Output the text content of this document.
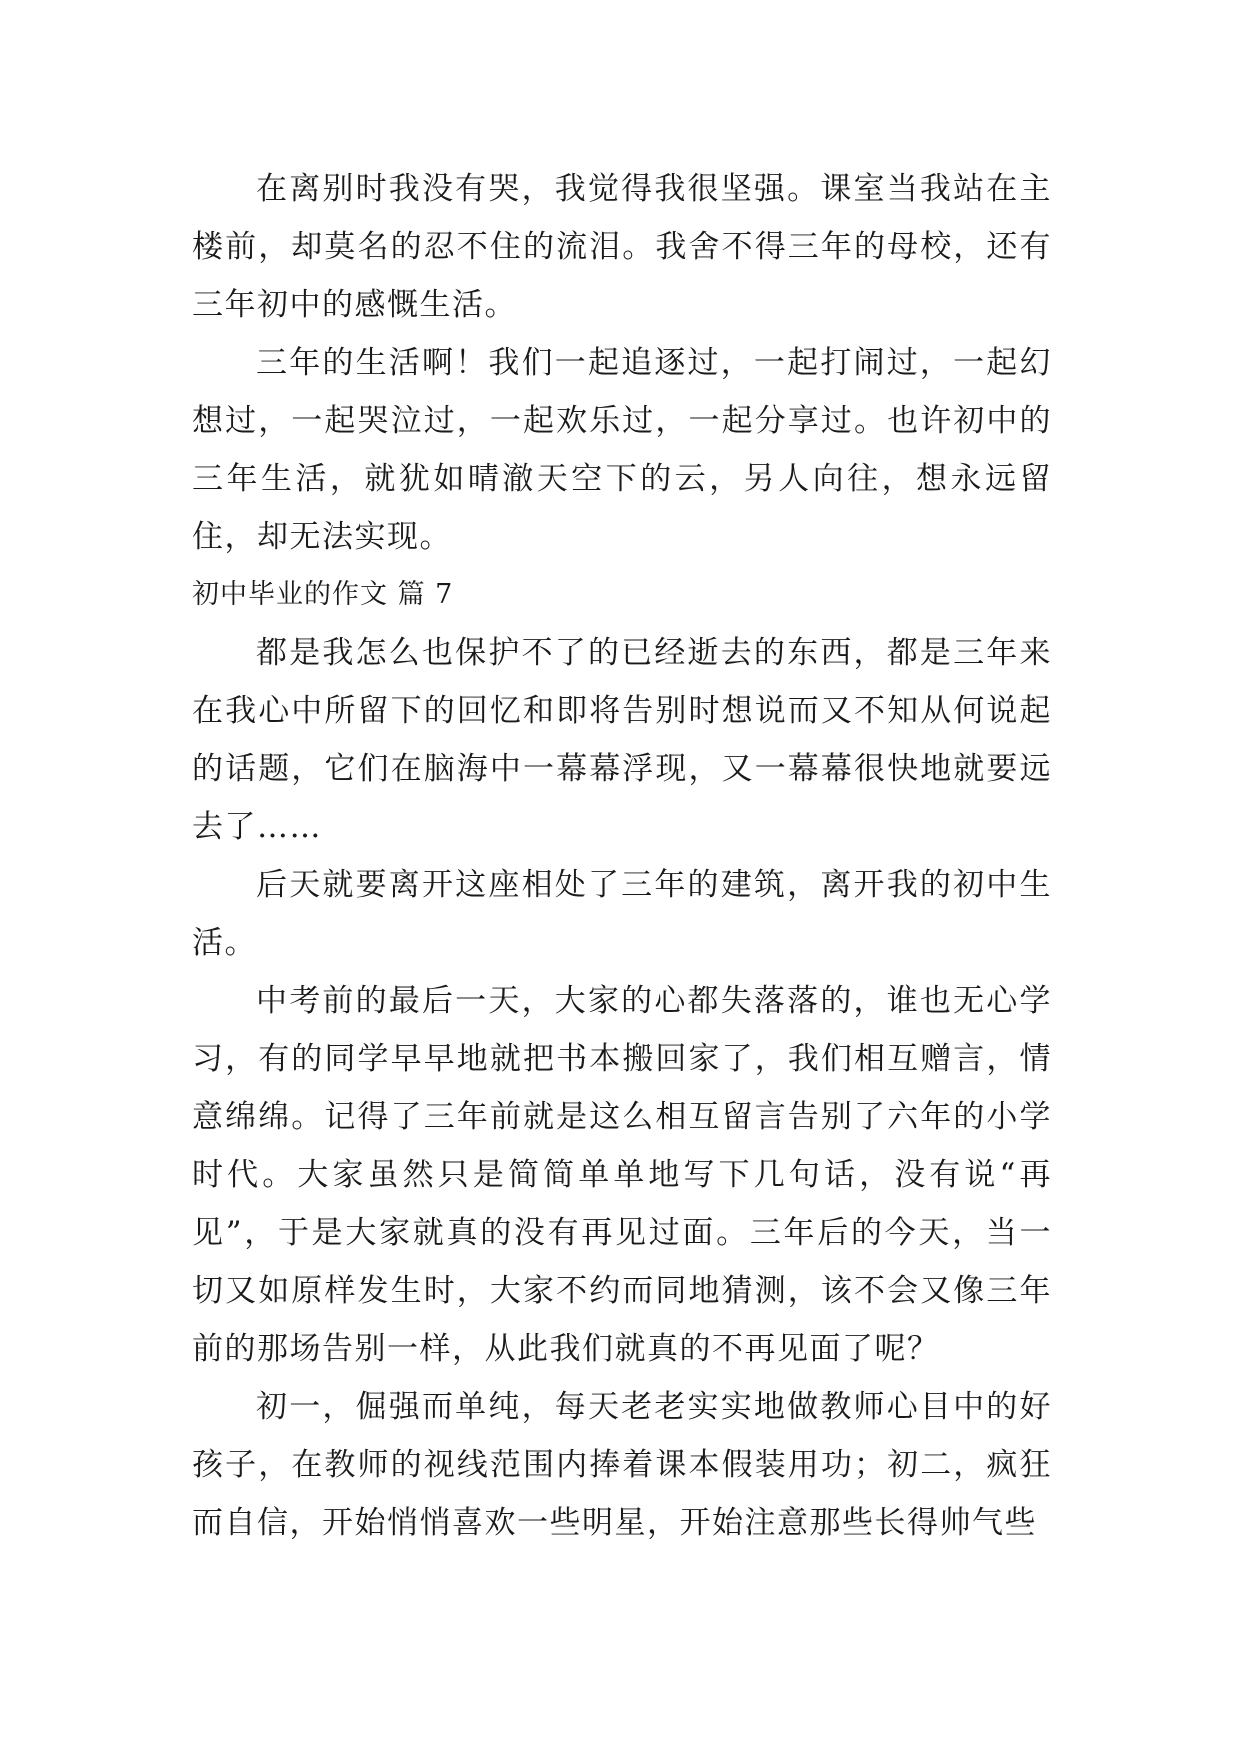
在离别时我没有哭，我觉得我很坚强。课室当我站在主楼前，却莫名的忍不住的流泪。我舍不得三年的母校，还有三年初中的感慨生活。

三年的生活啊！我们一起追逐过，一起打闹过，一起幻想过，一起哭泣过，一起欢乐过，一起分享过。也许初中的三年生活，就犹如晴澈天空下的云，另人向往，想永远留住，却无法实现。

初中毕业的作文 篇 7

都是我怎么也保护不了的已经逝去的东西，都是三年来在我心中所留下的回忆和即将告别时想说而又不知从何说起的话题，它们在脑海中一幕幕浮现，又一幕幕很快地就要远去了……

后天就要离开这座相处了三年的建筑，离开我的初中生活。

中考前的最后一天，大家的心都失落落的，谁也无心学习，有的同学早早地就把书本搬回家了，我们相互赠言，情意绵绵。记得了三年前就是这么相互留言告别了六年的小学时代。大家虽然只是简简单单地写下几句话，没有说“再见”，于是大家就真的没有再见过面。三年后的今天，当一切又如原样发生时，大家不约而同地猜测，该不会又像三年前的那场告别一样，从此我们就真的不再见面了呢？

初一，倔强而单纯，每天老老实实地做教师心目中的好孩子，在教师的视线范围内捧着课本假装用功；初二，疯狂而自信，开始悄悄喜欢一些明星，开始注意那些长得帅气些
